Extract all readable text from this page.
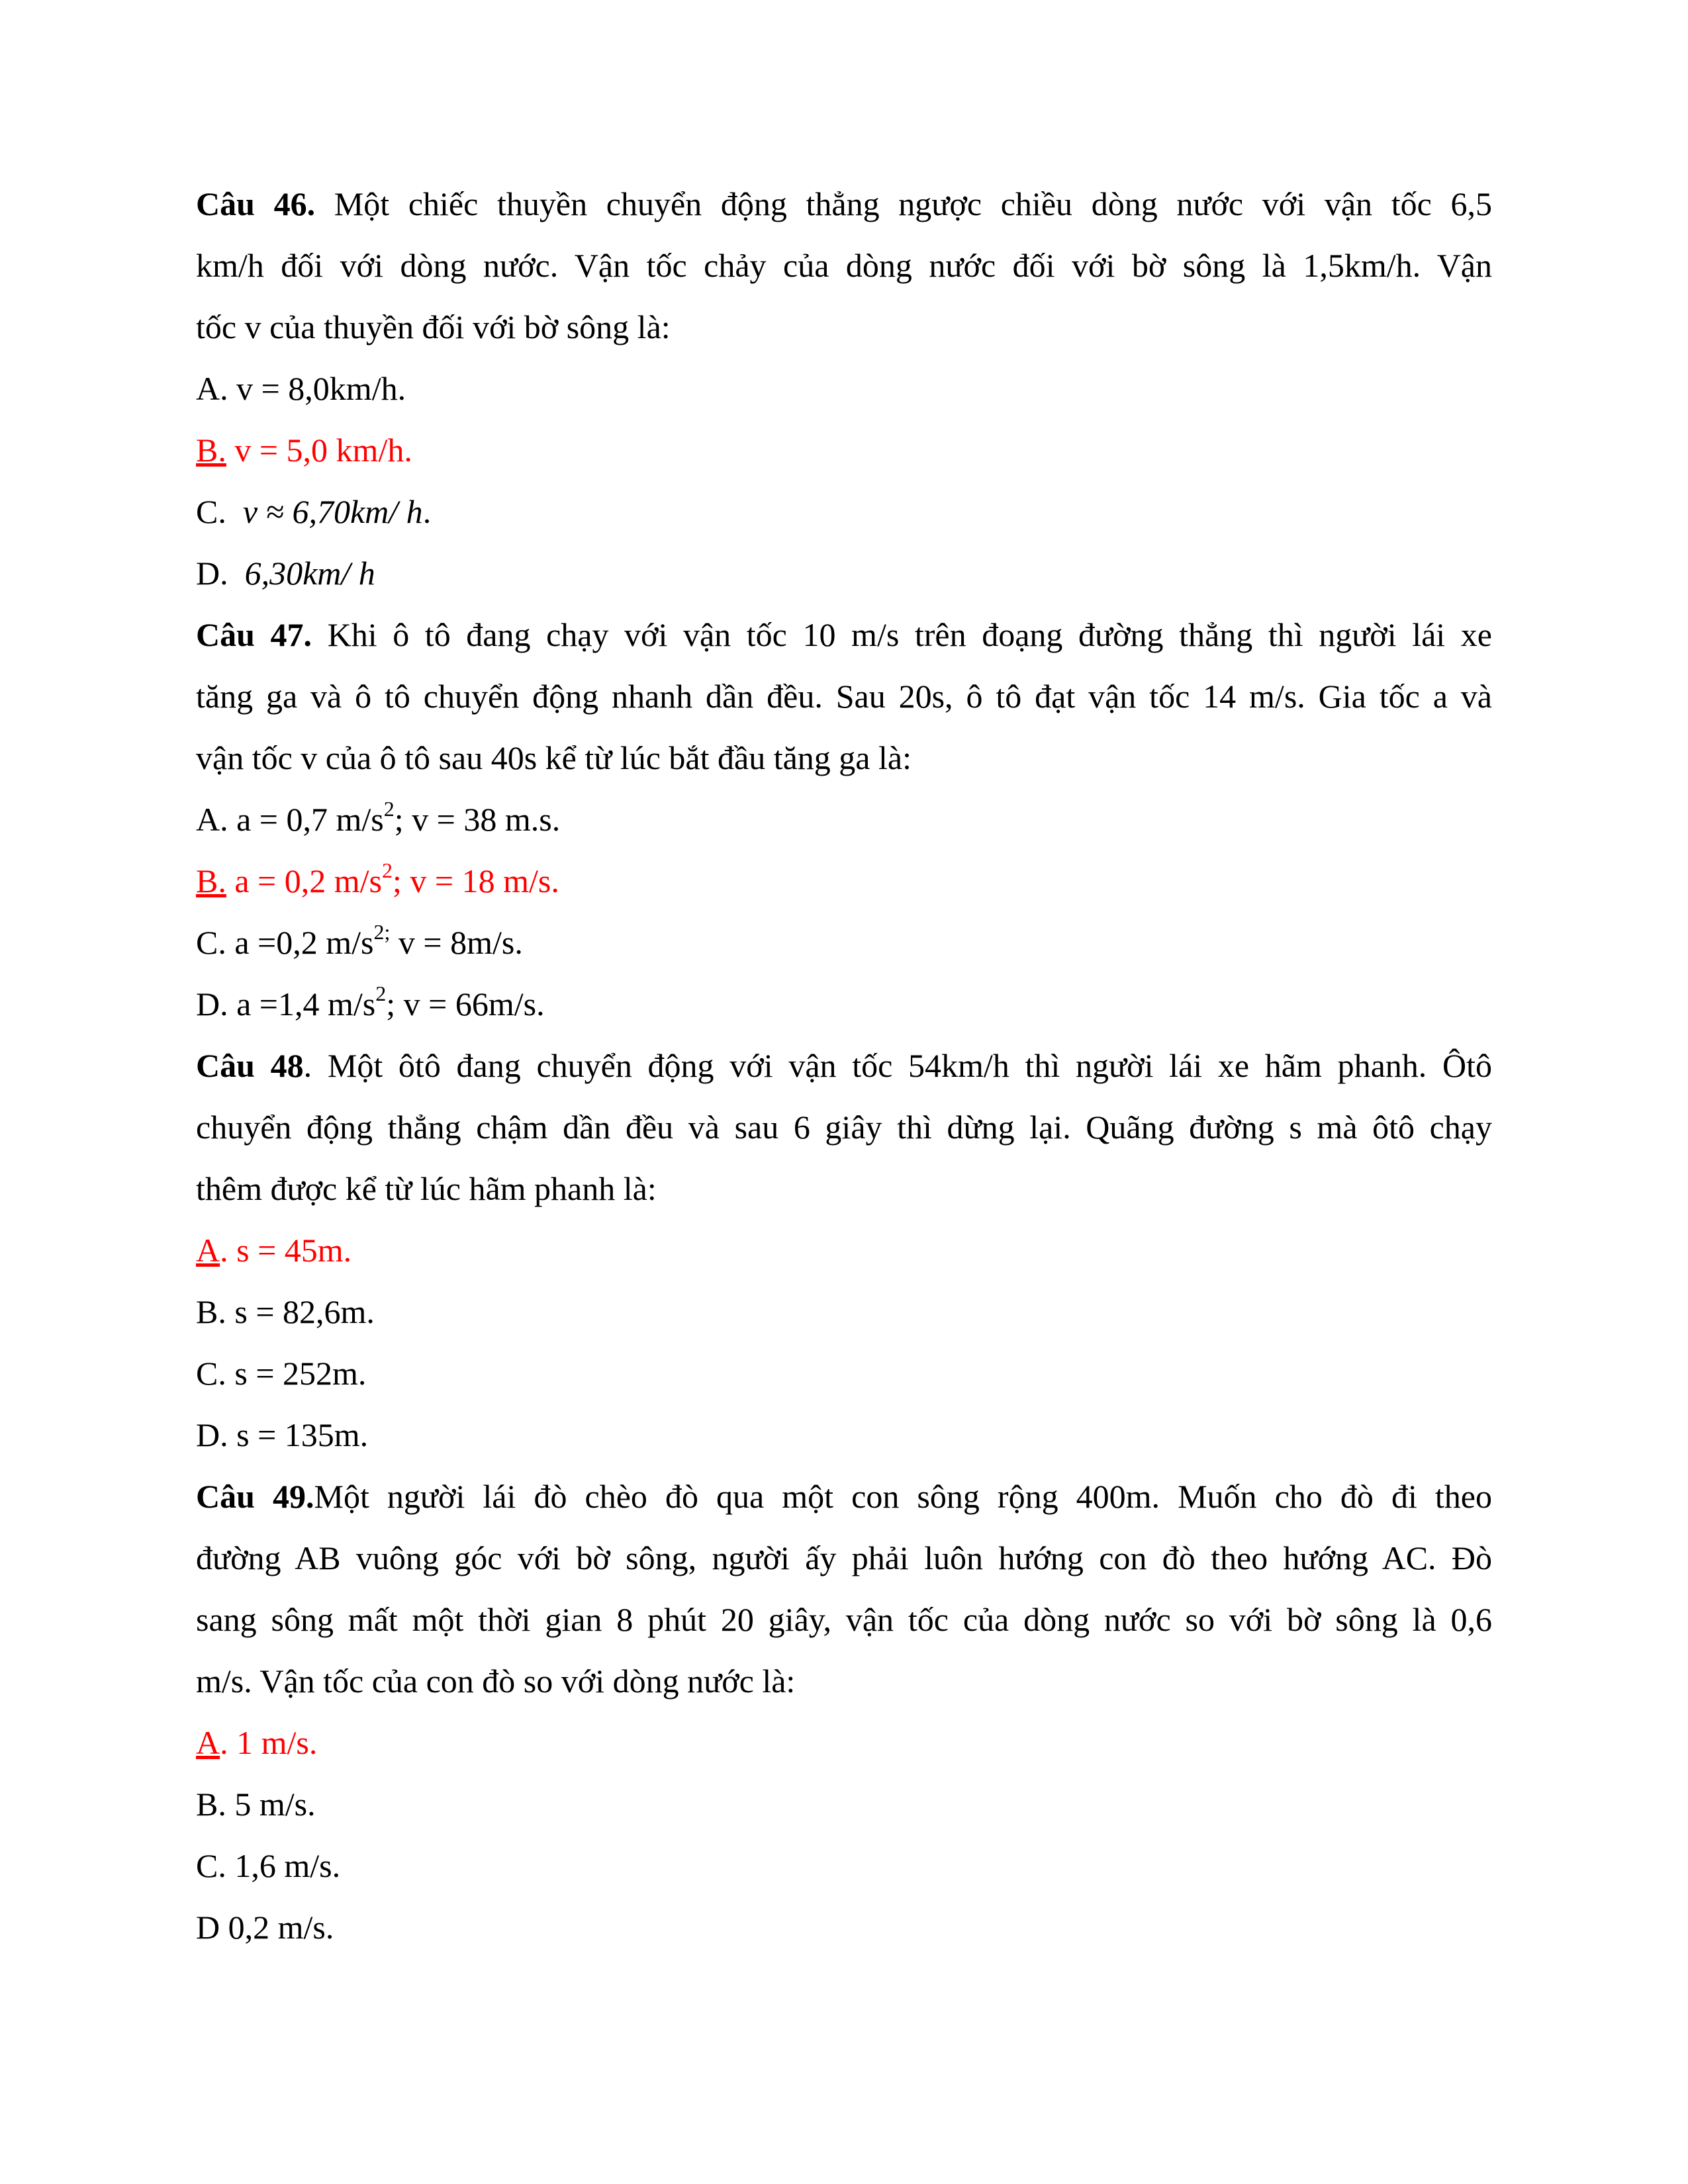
Câu 46. Một chiếc thuyền chuyển động thẳng ngược chiều dòng nước với vận tốc 6,5
km/h đối với dòng nước. Vận tốc chảy của dòng nước đối với bờ sông là 1,5km/h. Vận
tốc v của thuyền đối với bờ sông là:

A. v = 8,0km/h.

B. v = 5,0 km/h.

C. v ≈ 6,70km/ h.

D. 6,30km/ h

Câu 47. Khi ô tô đang chạy với vận tốc 10 m/s trên đoạng đường thẳng thì người lái xe
tăng ga và ô tô chuyển động nhanh dần đều. Sau 20s, ô tô đạt vận tốc 14 m/s. Gia tốc a và
vận tốc v của ô tô sau 40s kể từ lúc bắt đầu tăng ga là:

A. a = 0,7 $m/s^2$; v = 38 m.s.

B. a = 0,2 $m/s^2$; v = 18 m/s.

C. a =0,2 $m/s^{2;}$ v = 8m/s.

D. a =1,4 $m/s^2$; v = 66m/s.

Câu 48. Một ôtô đang chuyển động với vận tốc 54km/h thì người lái xe hãm phanh. Ôtô
chuyển động thẳng chậm dần đều và sau 6 giây thì dừng lại. Quãng đường s mà ôtô chạy
thêm được kể từ lúc hãm phanh là:

A. s = 45m.

B. s = 82,6m.

C. s = 252m.

D. s = 135m.

Câu 49.Một người lái đò chèo đò qua một con sông rộng 400m. Muốn cho đò đi theo
đường AB vuông góc với bờ sông, người ấy phải luôn hướng con đò theo hướng AC. Đò
sang sông mất một thời gian 8 phút 20 giây, vận tốc của dòng nước so với bờ sông là 0,6
m/s. Vận tốc của con đò so với dòng nước là:

A. 1 m/s.

B. 5 m/s.

C. 1,6 m/s.

D 0,2 m/s.
